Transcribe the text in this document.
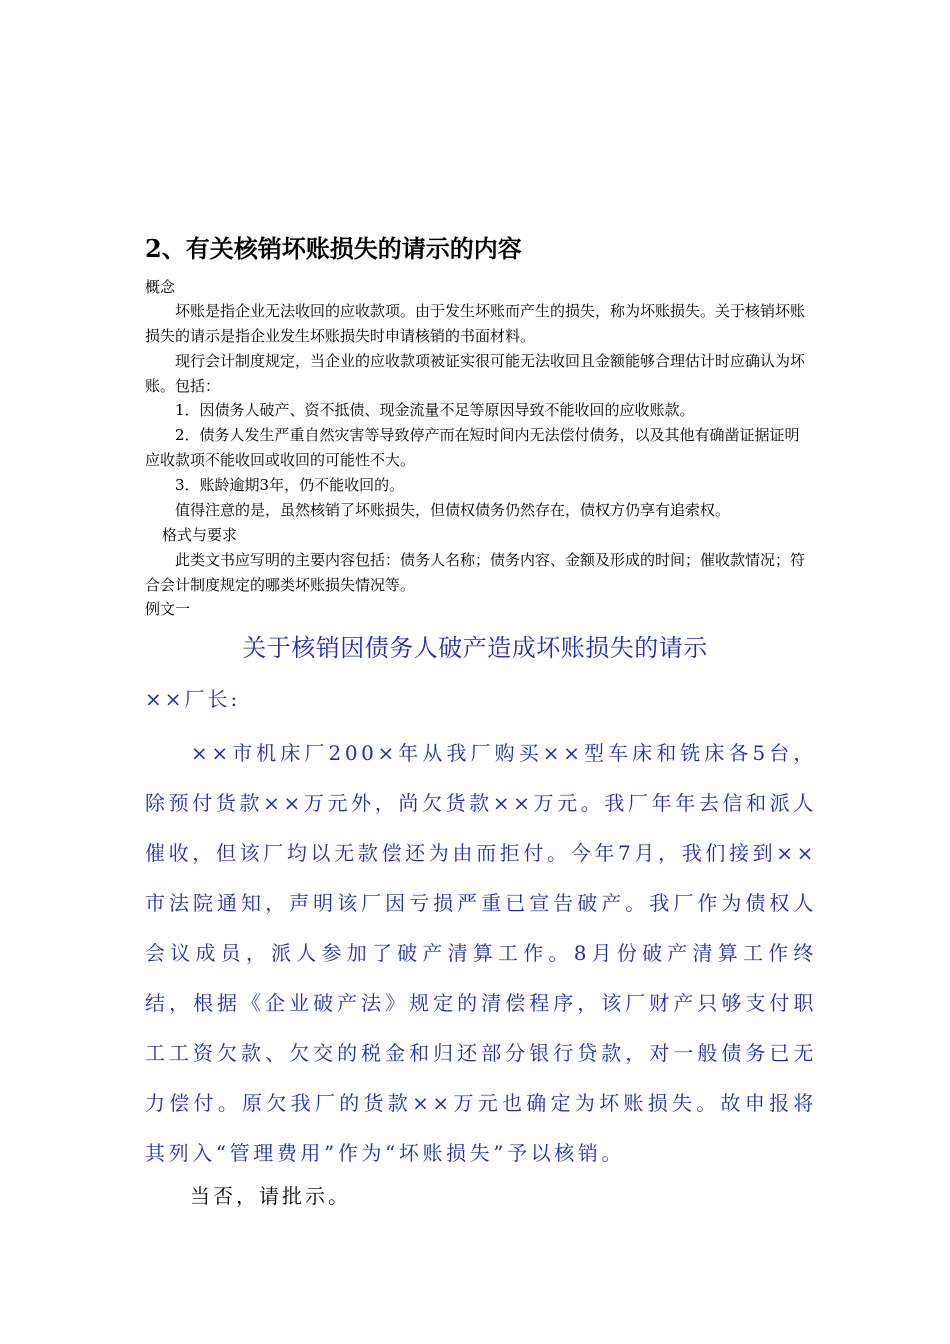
2、有关核销坏账损失的请示的内容
概念
坏账是指企业无法收回的应收款项。由于发生坏账而产生的损失，称为坏账损失。关于核销坏账损失的请示是指企业发生坏账损失时申请核销的书面材料。
现行会计制度规定，当企业的应收款项被证实很可能无法收回且金额能够合理估计时应确认为坏账。包括：
1．因债务人破产、资不抵债、现金流量不足等原因导致不能收回的应收账款。
2．债务人发生严重自然灾害等导致停产而在短时间内无法偿付债务，以及其他有确凿证据证明应收款项不能收回或收回的可能性不大。
3．账龄逾期3年，仍不能收回的。
值得注意的是，虽然核销了坏账损失，但债权债务仍然存在，债权方仍享有追索权。
格式与要求
此类文书应写明的主要内容包括：债务人名称；债务内容、金额及形成的时间；催收款情况；符合会计制度规定的哪类坏账损失情况等。
例文一
关于核销因债务人破产造成坏账损失的请示
××厂长:
××市机床厂200×年从我厂购买××型车床和铣床各5台，除预付货款××万元外，尚欠货款××万元。我厂年年去信和派人催收，但该厂均以无款偿还为由而拒付。今年7月，我们接到××市法院通知，声明该厂因亏损严重已宣告破产。我厂作为债权人会议成员，派人参加了破产清算工作。8月份破产清算工作终结，根据《企业破产法》规定的清偿程序，该厂财产只够支付职工工资欠款、欠交的税金和归还部分银行贷款，对一般债务已无力偿付。原欠我厂的货款××万元也确定为坏账损失。故申报将其列入“管理费用”作为“坏账损失”予以核销。
当否，请批示。
